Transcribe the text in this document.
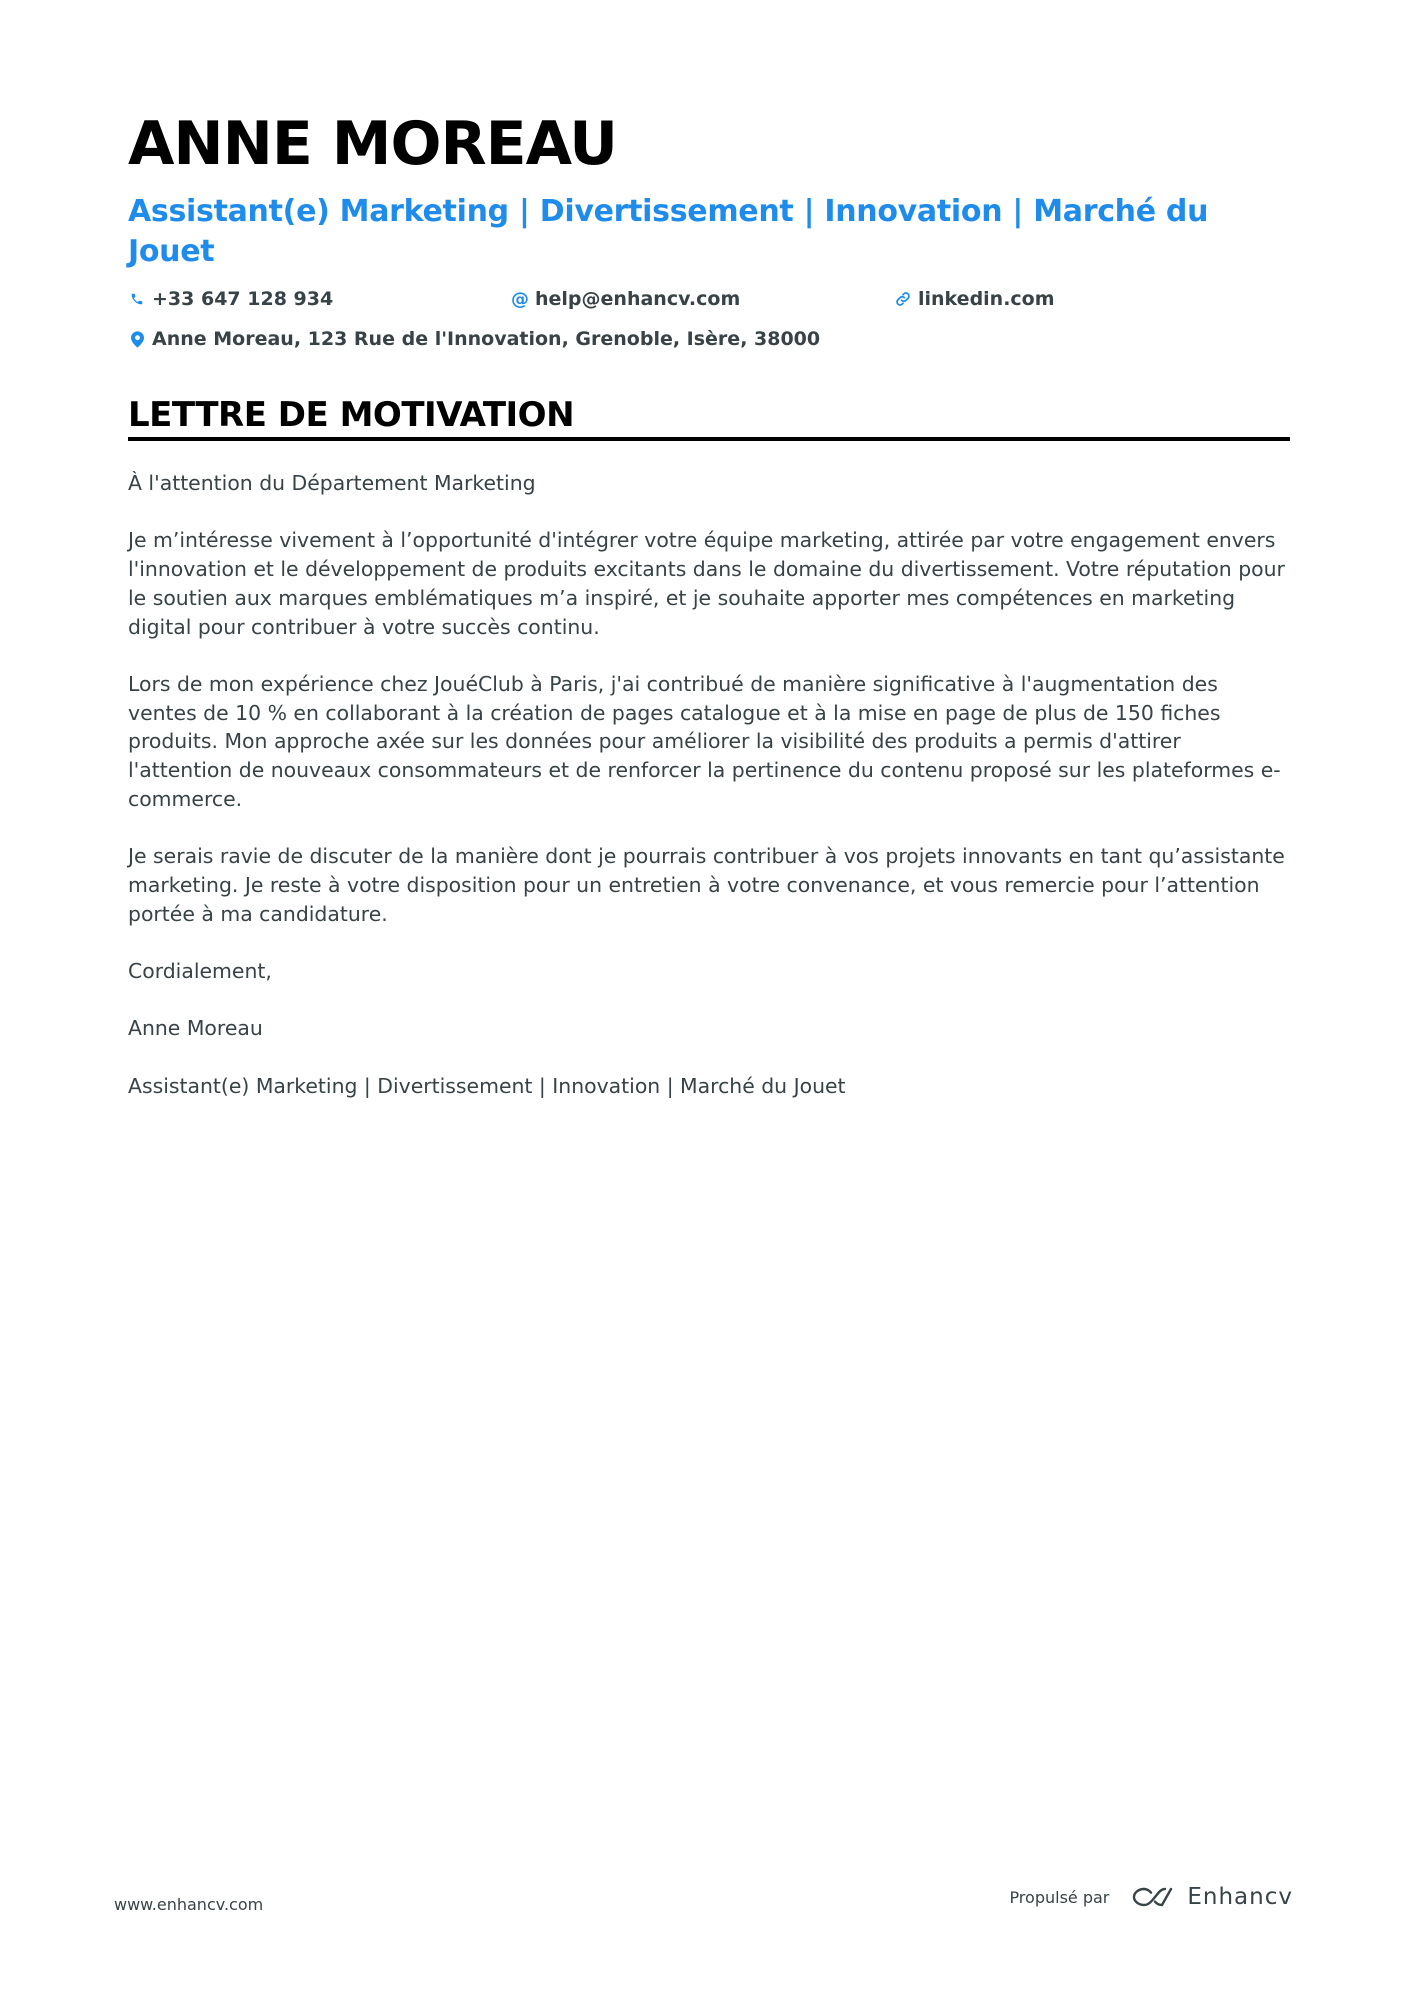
ANNE MOREAU
Assistant(e) Marketing | Divertissement | Innovation | Marché du Jouet
+33 647 128 934	@ help@enhancv.com	linkedin.com
Anne Moreau, 123 Rue de l'Innovation, Grenoble, Isère, 38000
LETTRE DE MOTIVATION

À l'attention du Département Marketing

Je m’intéresse vivement à l’opportunité d'intégrer votre équipe marketing, attirée par votre engagement envers l'innovation et le développement de produits excitants dans le domaine du divertissement. Votre réputation pour le soutien aux marques emblématiques m’a inspiré, et je souhaite apporter mes compétences en marketing digital pour contribuer à votre succès continu.

Lors de mon expérience chez JouéClub à Paris, j'ai contribué de manière significative à l'augmentation des ventes de 10 % en collaborant à la création de pages catalogue et à la mise en page de plus de 150 fiches produits. Mon approche axée sur les données pour améliorer la visibilité des produits a permis d'attirer l'attention de nouveaux consommateurs et de renforcer la pertinence du contenu proposé sur les plateformes e-commerce.

Je serais ravie de discuter de la manière dont je pourrais contribuer à vos projets innovants en tant qu’assistante marketing. Je reste à votre disposition pour un entretien à votre convenance, et vous remercie pour l’attention portée à ma candidature.

Cordialement,

Anne Moreau

Assistant(e) Marketing | Divertissement | Innovation | Marché du Jouet

www.enhancv.com	Propulsé par	Enhancv
